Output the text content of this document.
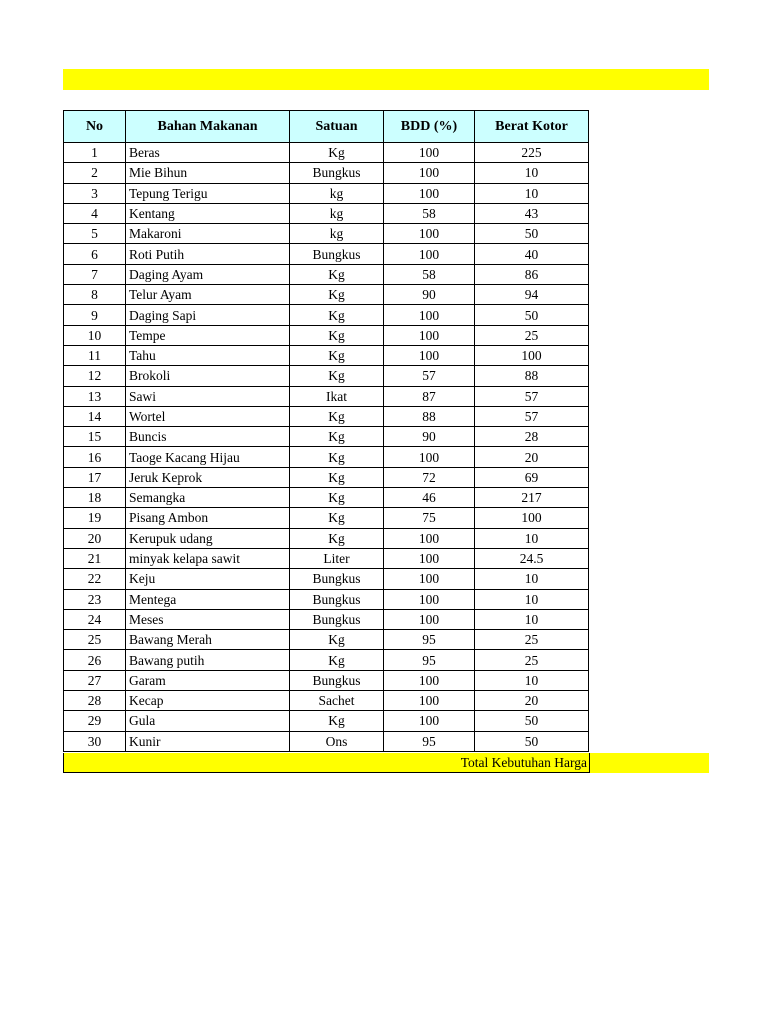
No	Bahan Makanan	Satuan	BDD (%)	Berat Kotor
1	Beras	Kg	100	225
2	Mie Bihun	Bungkus	100	10
3	Tepung Terigu	kg	100	10
4	Kentang	kg	58	43
5	Makaroni	kg	100	50
6	Roti Putih	Bungkus	100	40
7	Daging Ayam	Kg	58	86
8	Telur Ayam	Kg	90	94
9	Daging Sapi	Kg	100	50
10	Tempe	Kg	100	25
11	Tahu	Kg	100	100
12	Brokoli	Kg	57	88
13	Sawi	Ikat	87	57
14	Wortel	Kg	88	57
15	Buncis	Kg	90	28
16	Taoge Kacang Hijau	Kg	100	20
17	Jeruk Keprok	Kg	72	69
18	Semangka	Kg	46	217
19	Pisang Ambon	Kg	75	100
20	Kerupuk udang	Kg	100	10
21	minyak kelapa sawit	Liter	100	24.5
22	Keju	Bungkus	100	10
23	Mentega	Bungkus	100	10
24	Meses	Bungkus	100	10
25	Bawang Merah	Kg	95	25
26	Bawang putih	Kg	95	25
27	Garam	Bungkus	100	10
28	Kecap	Sachet	100	20
29	Gula	Kg	100	50
30	Kunir	Ons	95	50
Total Kebutuhan Harga
